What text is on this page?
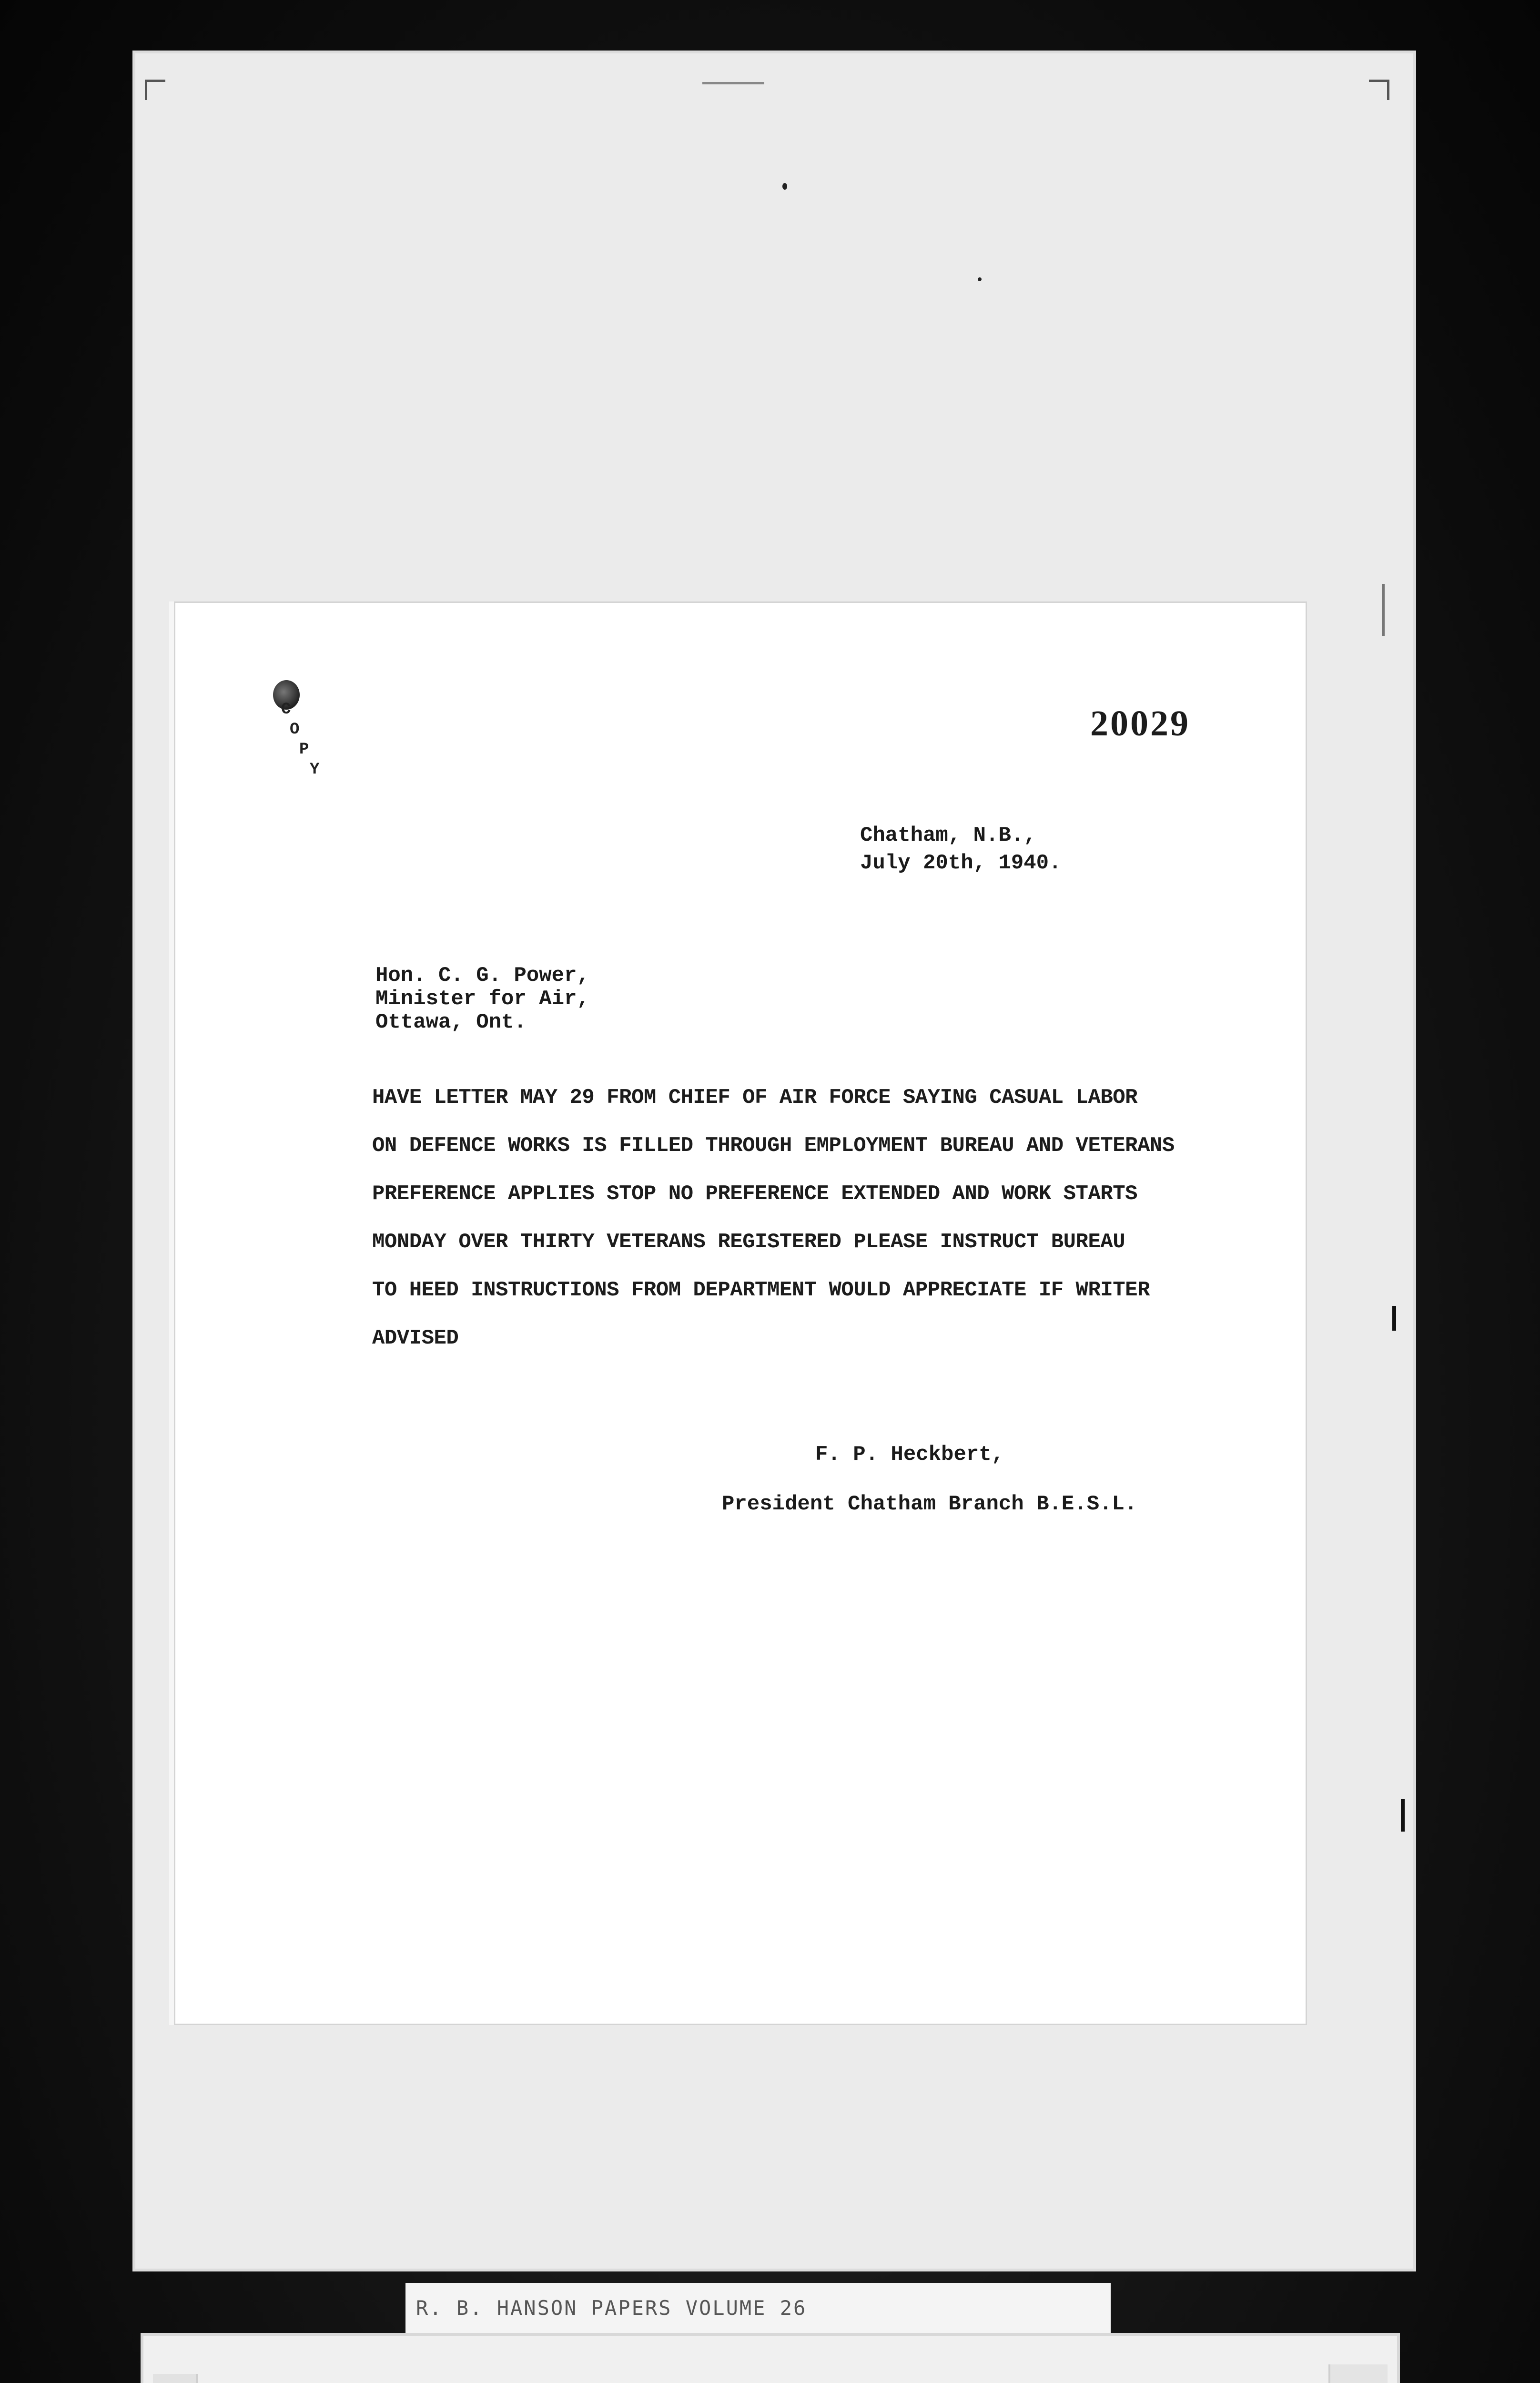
C
O
P
Y
20029
Chatham, N.B.,
July 20th, 1940.
Hon. C. G. Power,
Minister for Air,
Ottawa, Ont.
HAVE LETTER MAY 29 FROM CHIEF OF AIR FORCE SAYING CASUAL LABOR
ON DEFENCE WORKS IS FILLED THROUGH EMPLOYMENT BUREAU AND VETERANS
PREFERENCE APPLIES STOP NO PREFERENCE EXTENDED AND WORK STARTS
MONDAY OVER THIRTY VETERANS REGISTERED PLEASE INSTRUCT BUREAU
TO HEED INSTRUCTIONS FROM DEPARTMENT WOULD APPRECIATE IF WRITER
ADVISED
F. P. Heckbert,
President Chatham Branch B.E.S.L.
R. B. HANSON PAPERS VOLUME 26
